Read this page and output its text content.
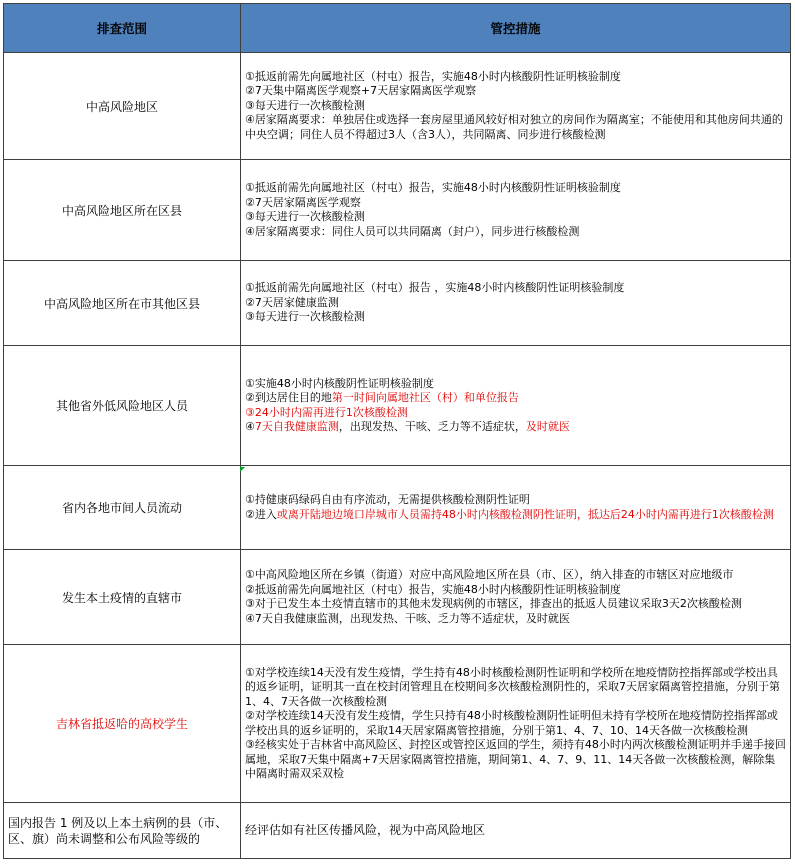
排查范围	管控措施
中高风险地区	①抵返前需先向属地社区（村屯）报告，实施48小时内核酸阴性证明核验制度
②7天集中隔离医学观察+7天居家隔离医学观察
③每天进行一次核酸检测
④居家隔离要求：单独居住或选择一套房屋里通风较好相对独立的房间作为隔离室；不能使用和其他房间共通的中央空调；同住人员不得超过3人（含3人），共同隔离、同步进行核酸检测

中高风险地区所在区县	①抵返前需先向属地社区（村屯）报告，实施48小时内核酸阴性证明核验制度
②7天居家隔离医学观察
③每天进行一次核酸检测
④居家隔离要求：同住人员可以共同隔离（封户），同步进行核酸检测

中高风险地区所在市其他区县	①抵返前需先向属地社区（村屯）报告 ，实施48小时内核酸阴性证明核验制度
②7天居家健康监测
③每天进行一次核酸检测

其他省外低风险地区人员	①实施48小时内核酸阴性证明核验制度
②到达居住目的地第一时间向属地社区（村）和单位报告
③24小时内需再进行1次核酸检测
④7天自我健康监测，出现发热、干咳、乏力等不适症状，及时就医

省内各地市间人员流动	①持健康码绿码自由有序流动，无需提供核酸检测阴性证明
②进入或离开陆地边境口岸城市人员需持48小时内核酸检测阴性证明，抵达后24小时内需再进行1次核酸检测

发生本土疫情的直辖市	①中高风险地区所在乡镇（街道）对应中高风险地区所在县（市、区），纳入排查的市辖区对应地级市
②抵返前需先向属地社区（村屯）报告，实施48小时内核酸阴性证明核验制度
③对于已发生本土疫情直辖市的其他未发现病例的市辖区，排查出的抵返人员建议采取3天2次核酸检测
④7天自我健康监测，出现发热、干咳、乏力等不适症状，及时就医

吉林省抵返哈的高校学生	①对学校连续14天没有发生疫情，学生持有48小时核酸检测阴性证明和学校所在地疫情防控指挥部或学校出具的返乡证明，证明其一直在校封闭管理且在校期间多次核酸检测阴性的，采取7天居家隔离管控措施，分别于第1、4、7天各做一次核酸检测
②对学校连续14天没有发生疫情，学生只持有48小时核酸检测阴性证明但未持有学校所在地疫情防控指挥部或学校出具的返乡证明的，采取14天居家隔离管控措施，分别于第1、4、7、10、14天各做一次核酸检测
③经核实处于吉林省中高风险区、封控区或管控区返回的学生，须持有48小时内两次核酸检测证明并手递手接回属地，采取7天集中隔离+7天居家隔离管控措施，期间第1、4、7、9、11、14天各做一次核酸检测，解除集中隔离时需双采双检

国内报告 1 例及以上本土病例的县（市、区、旗）尚未调整和公布风险等级的	经评估如有社区传播风险，视为中高风险地区
